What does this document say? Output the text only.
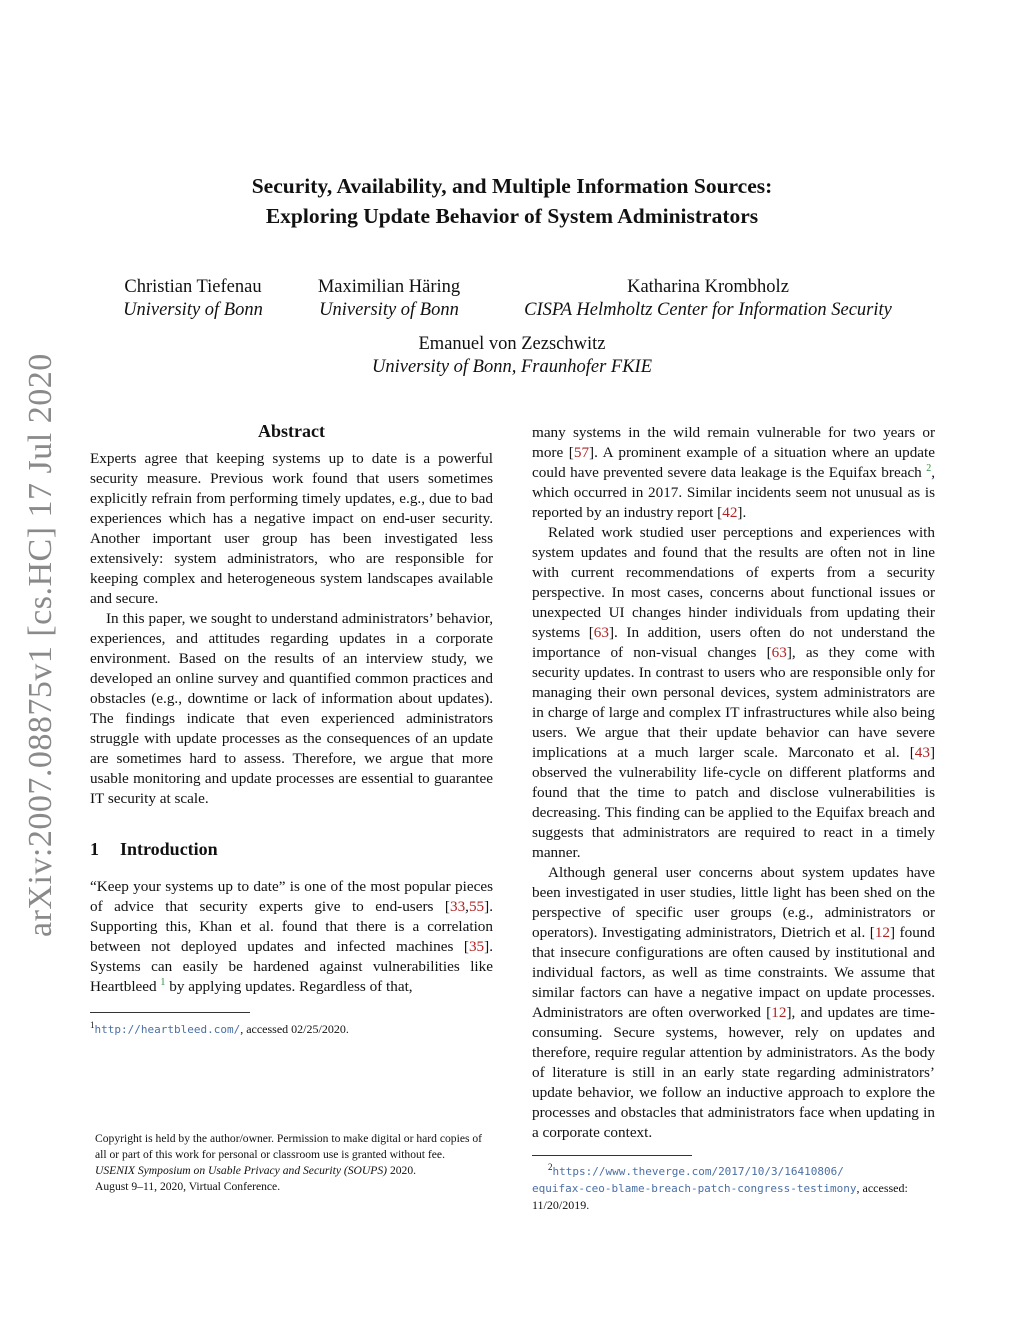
arXiv:2007.08875v1 [cs.HC] 17 Jul 2020
Security, Availability, and Multiple Information Sources:
Exploring Update Behavior of System Administrators
Christian Tiefenau
University of Bonn
Maximilian Häring
University of Bonn
Katharina Krombholz
CISPA Helmholtz Center for Information Security
Emanuel von Zezschwitz
University of Bonn, Fraunhofer FKIE
Abstract

Experts agree that keeping systems up to date is a powerful security measure. Previous work found that users sometimes explicitly refrain from performing timely updates, e.g., due to bad experiences which has a negative impact on end-user security. Another important user group has been investigated less extensively: system administrators, who are responsible for keeping complex and heterogeneous system landscapes available and secure.

In this paper, we sought to understand administrators’ behavior, experiences, and attitudes regarding updates in a corporate environment. Based on the results of an interview study, we developed an online survey and quantified common practices and obstacles (e.g., downtime or lack of information about updates). The findings indicate that even experienced administrators struggle with update processes as the consequences of an update are sometimes hard to assess. Therefore, we argue that more usable monitoring and update processes are essential to guarantee IT security at scale.

1 Introduction

“Keep your systems up to date” is one of the most popular pieces of advice that security experts give to end-users [33,55]. Supporting this, Khan et al. found that there is a correlation between not deployed updates and infected machines [35]. Systems can easily be hardened against vulnerabilities like Heartbleed $^1$ by applying updates. Regardless of that,

$^1$http://heartbleed.com/, accessed 02/25/2020.

Copyright is held by the author/owner. Permission to make digital or hard copies of all or part of this work for personal or classroom use is granted without fee.

USENIX Symposium on Usable Privacy and Security (SOUPS) 2020.

August 9–11, 2020, Virtual Conference.

many systems in the wild remain vulnerable for two years or more [57]. A prominent example of a situation where an update could have prevented severe data leakage is the Equifax breach $^2$, which occurred in 2017. Similar incidents seem not unusual as is reported by an industry report [42].

Related work studied user perceptions and experiences with system updates and found that the results are often not in line with current recommendations of experts from a security perspective. In most cases, concerns about functional issues or unexpected UI changes hinder individuals from updating their systems [63]. In addition, users often do not understand the importance of non-visual changes [63], as they come with security updates. In contrast to users who are responsible only for managing their own personal devices, system administrators are in charge of large and complex IT infrastructures while also being users. We argue that their update behavior can have severe implications at a much larger scale. Marconato et al. [43] observed the vulnerability life-cycle on different platforms and found that the time to patch and disclose vulnerabilities is decreasing. This finding can be applied to the Equifax breach and suggests that administrators are required to react in a timely manner.

Although general user concerns about system updates have been investigated in user studies, little light has been shed on the perspective of specific user groups (e.g., administrators or operators). Investigating administrators, Dietrich et al. [12] found that insecure configurations are often caused by institutional and individual factors, as well as time constraints. We assume that similar factors can have a negative impact on update processes. Administrators are often overworked [12], and updates are time-consuming. Secure systems, however, rely on updates and therefore, require regular attention by administrators. As the body of literature is still in an early state regarding administrators’ update behavior, we follow an inductive approach to explore the processes and obstacles that administrators face when updating in a corporate context.

$^2$https://www.theverge.com/2017/10/3/16410806/
equifax-ceo-blame-breach-patch-congress-testimony, accessed: 11/20/2019.
